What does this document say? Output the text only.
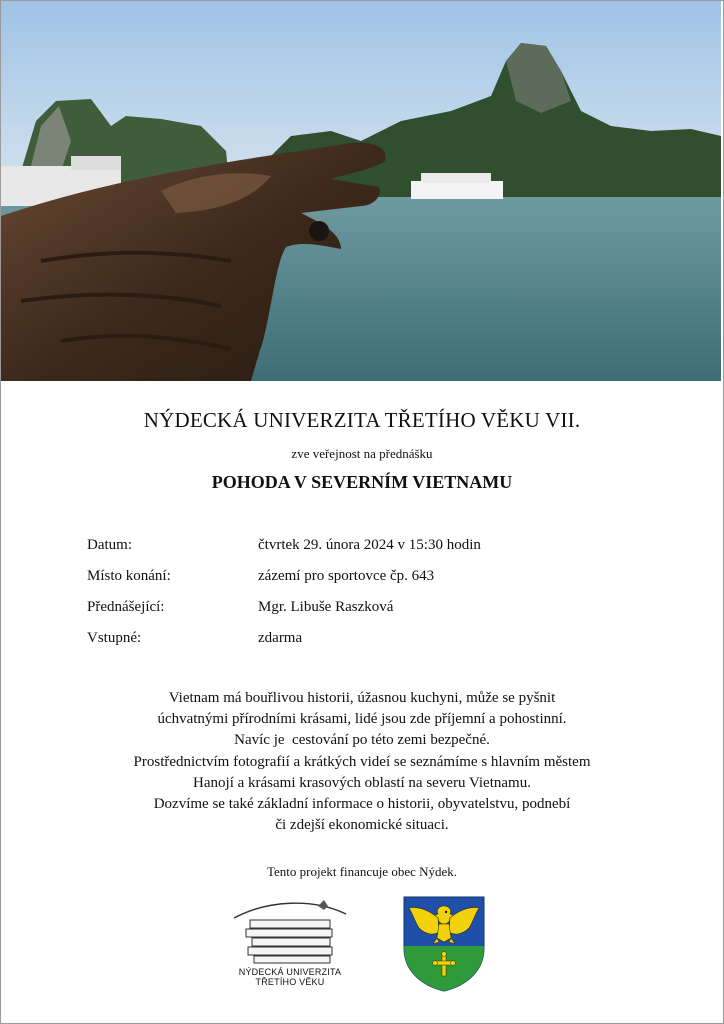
NÝDECKÁ UNIVERZITA TŘETÍHO VĚKU VII.
zve veřejnost na přednášku
POHODA V SEVERNÍM VIETNAMU
Datum:	čtvrtek 29. února 2024 v 15:30 hodin
Místo konání:	zázemí pro sportovce čp. 643
Přednášející:	Mgr. Libuše Raszková
Vstupné:	zdarma
Vietnam má bouřlivou historii, úžasnou kuchyni, může se pyšnit
úchvatnými přírodními krásami, lidé jsou zde příjemní a pohostinní.
Navíc je  cestování po této zemi bezpečné.
Prostřednictvím fotografií a krátkých videí se seznámíme s hlavním městem
Hanojí a krásami krasových oblastí na severu Vietnamu.
Dozvíme se také základní informace o historii, obyvatelstvu, podnebí
či zdejší ekonomické situaci.
Tento projekt financuje obec Nýdek.
NÝDECKÁ UNIVERZITA
TŘETÍHO VĚKU
